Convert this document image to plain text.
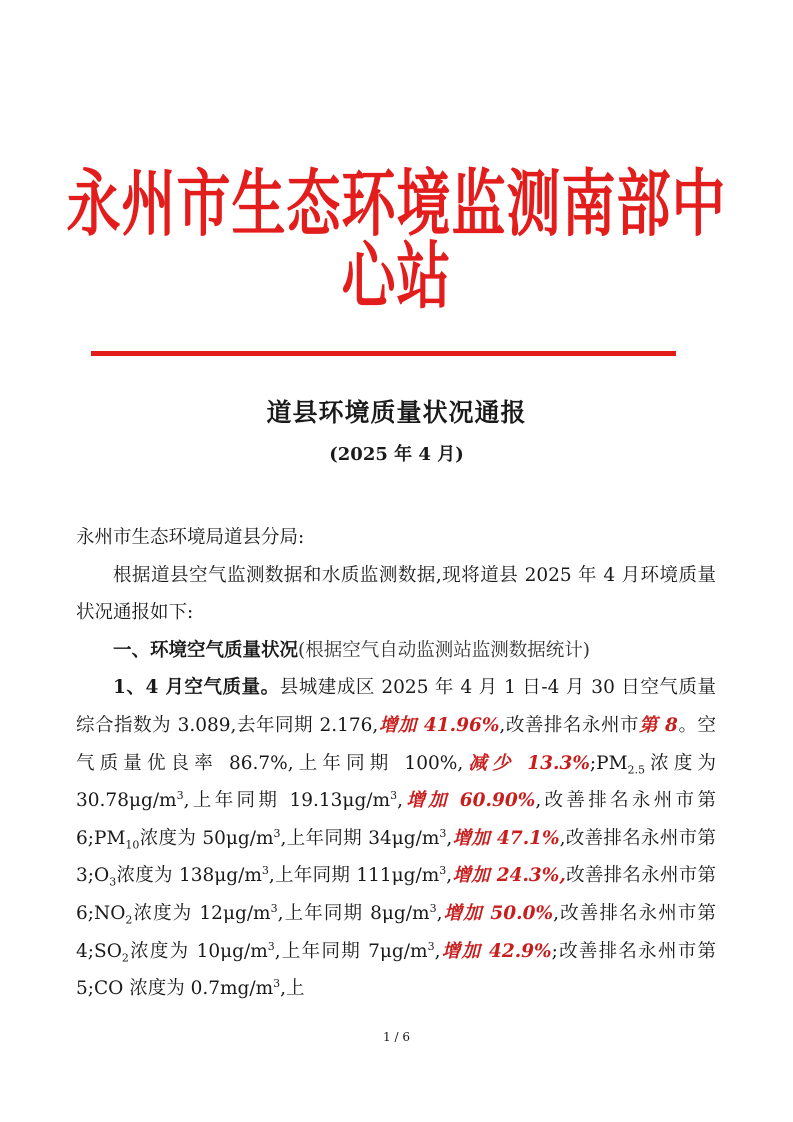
永州市生态环境监测南部中心站
道县环境质量状况通报
(2025 年 4 月)

永州市生态环境局道县分局:

根据道县空气监测数据和水质监测数据,现将道县 2025 年 4 月环境质量状况通报如下:

一、环境空气质量状况(根据空气自动监测站监测数据统计)

1、4 月空气质量。县城建成区 2025 年 4 月 1 日-4 月 30 日空气质量综合指数为 3.089,去年同期 2.176,增加 41.96%,改善排名永州市第 8。空气质量优良率 86.7%,上年同期 100%,减少 $13.3\%;PM_{2.5}$浓度为 $30.78\mu g/m^3$,上年同期 $19.13\mu g/m^3$,增加 60.90%,改善排名永州市第 $6;PM_{10}$浓度为 $50\mu g/m^3$,上年同期 $34\mu g/m^3$,增加 47.1%,改善排名永州市第 $3;O_3$浓度为 $138\mu g/m^3$,上年同期 $111\mu g/m^3$,增加 24.3%,改善排名永州市第 $6;NO_2$浓度为 $12\mu g/m^3$,上年同期 $8\mu g/m^3$,增加 50.0%,改善排名永州市第 $4;SO_2$浓度为 $10\mu g/m^3$,上年同期 $7\mu g/m^3$,增加 42.9%;改善排名永州市第 5;CO 浓度为 $0.7mg/m^3$,上

1 / 6
